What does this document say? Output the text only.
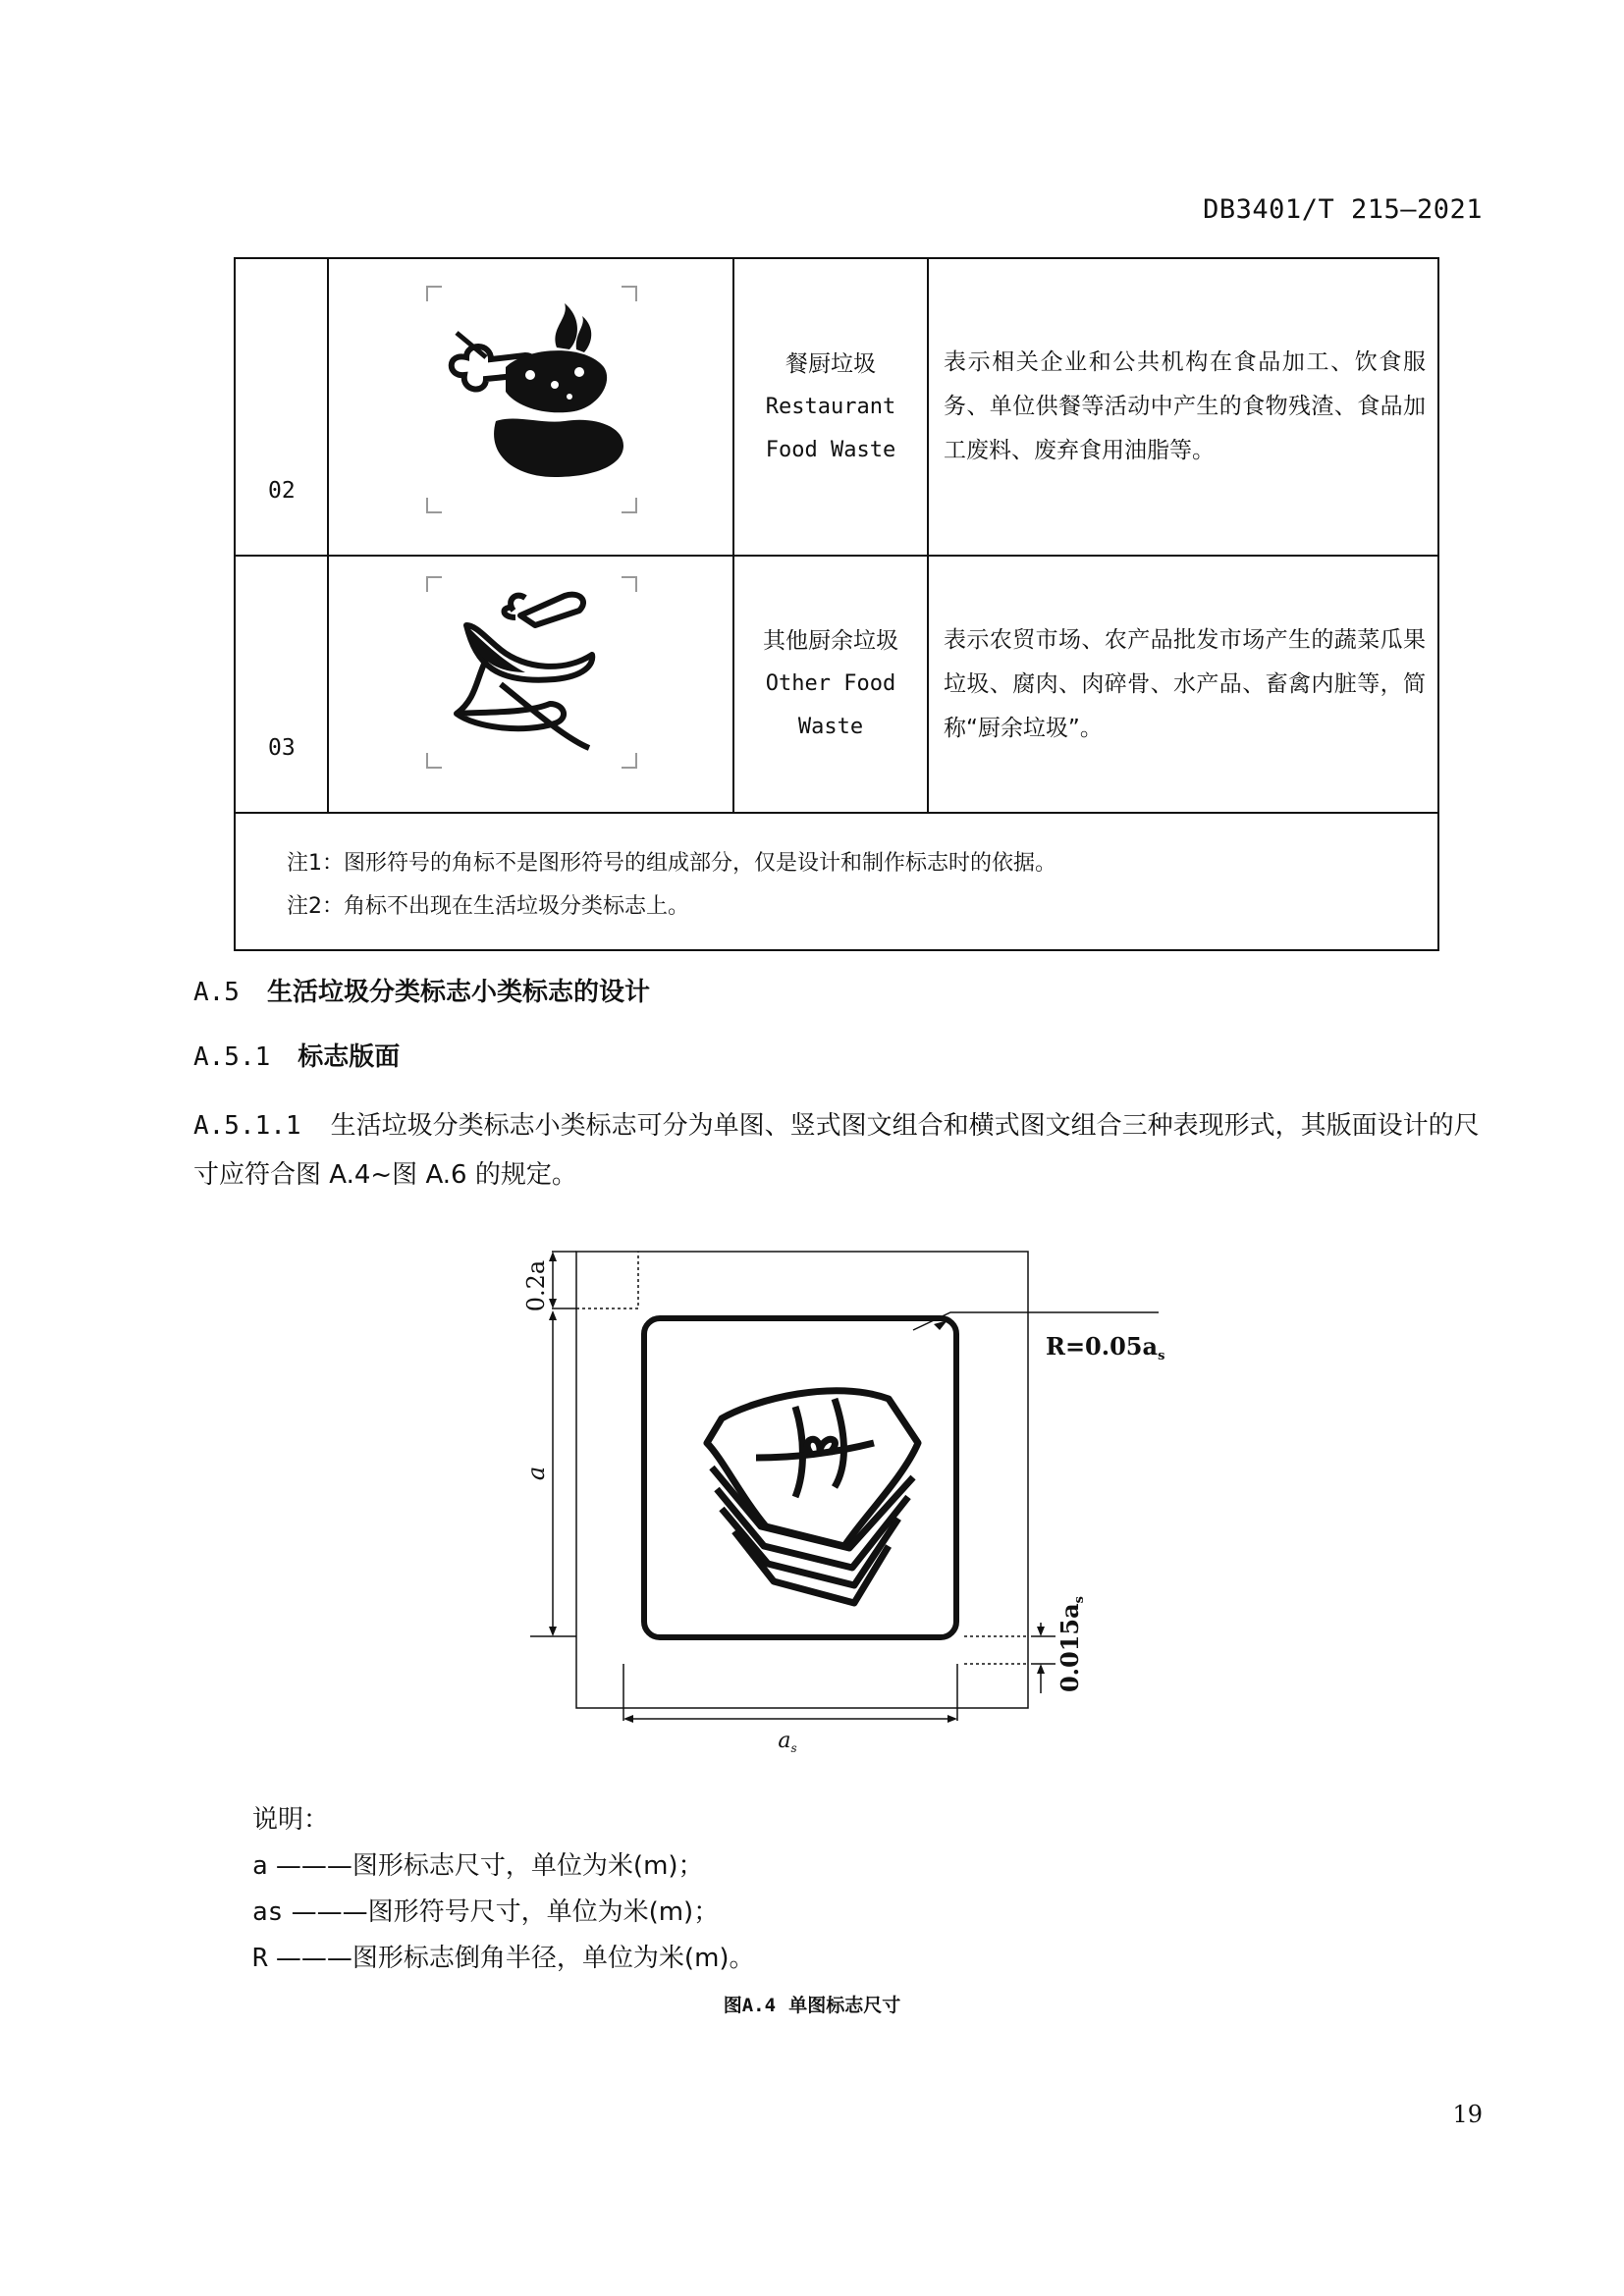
DB3401/T 215—2021
02		餐厨垃圾
Restaurant
Food Waste	表示相关企业和公共机构在食品加工、饮食服务、单位供餐等活动中产生的食物残渣、食品加工废料、废弃食用油脂等。

03		其他厨余垃圾
Other Food
Waste	表示农贸市场、农产品批发市场产生的蔬菜瓜果垃圾、腐肉、肉碎骨、水产品、畜禽内脏等，简称“厨余垃圾”。

注1：图形符号的角标不是图形符号的组成部分，仅是设计和制作标志时的依据。
注2：角标不出现在生活垃圾分类标志上。			
A.5 生活垃圾分类标志小类标志的设计
A.5.1 标志版面
A.5.1.1 生活垃圾分类标志小类标志可分为单图、竖式图文组合和横式图文组合三种表现形式，其版面设计的尺寸应符合图 A.4~图 A.6 的规定。
0.2a
a
$R=0.05a_s$
$0.015a_s$
$a_s$
说明：
a ———图形标志尺寸，单位为米(m)；
as ———图形符号尺寸，单位为米(m)；
R ———图形标志倒角半径，单位为米(m)。
图A.4 单图标志尺寸
19
